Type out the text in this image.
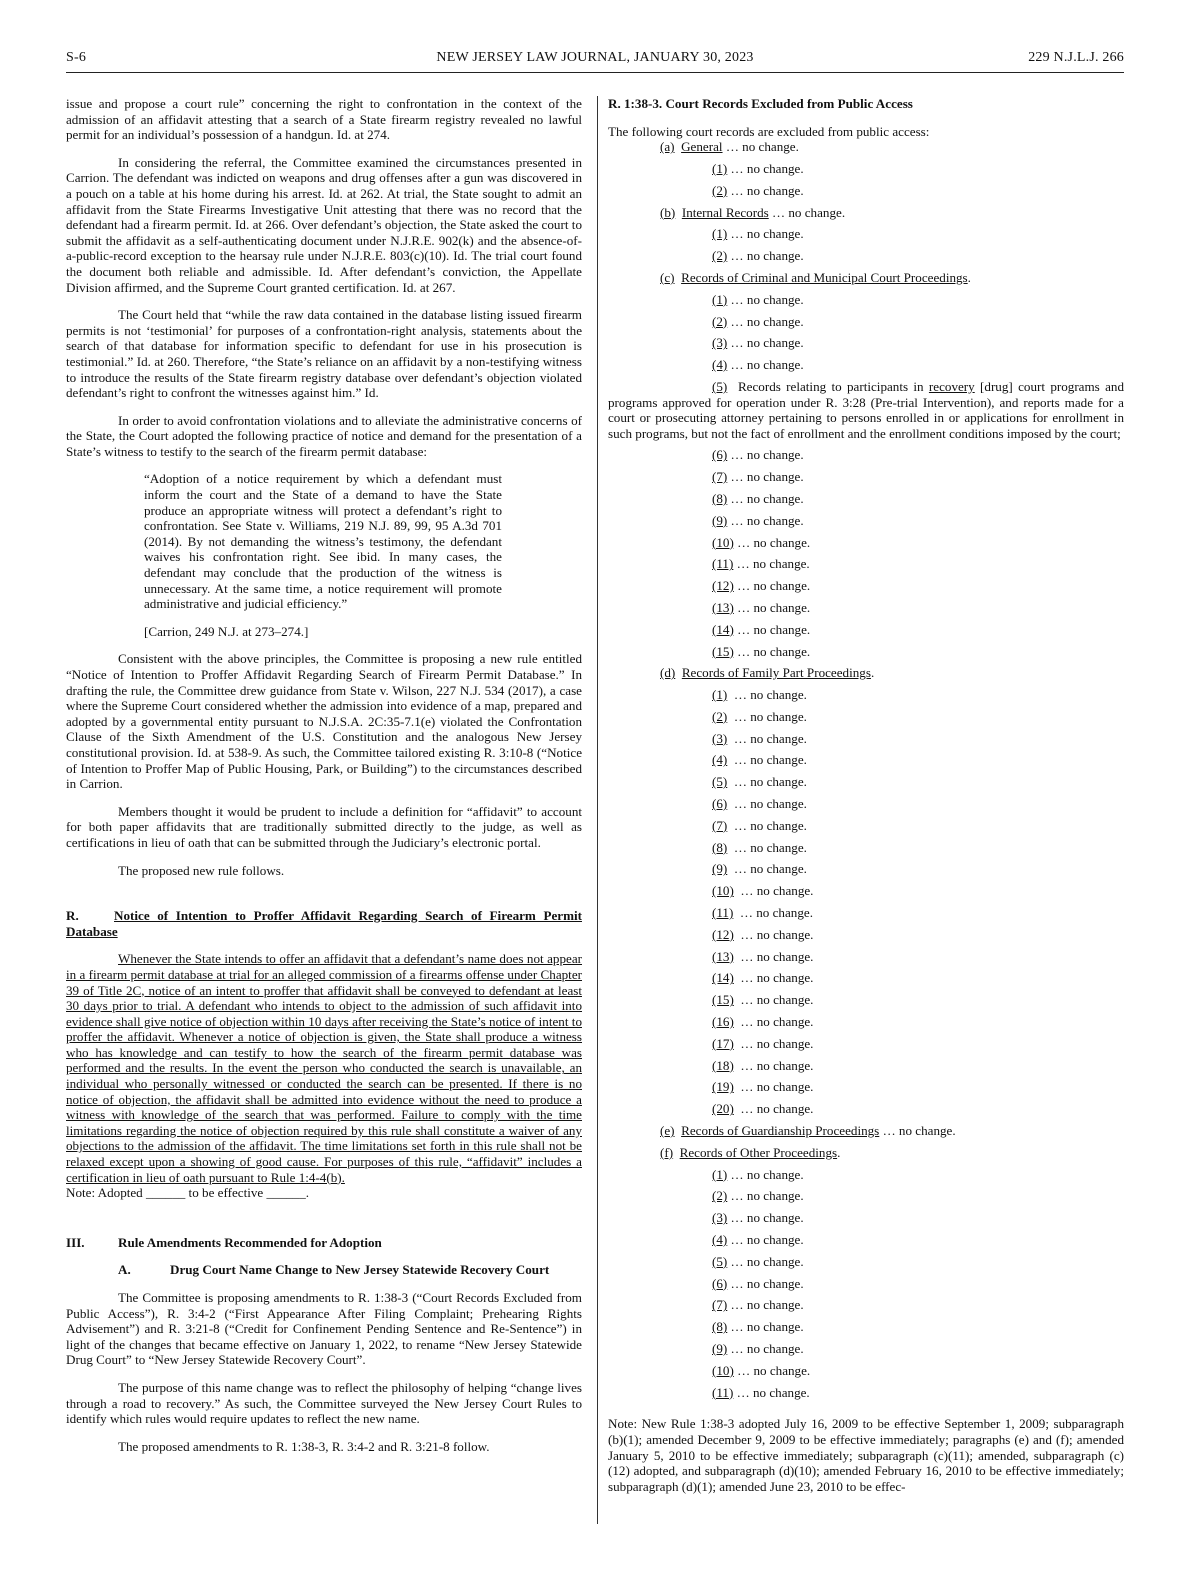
S-6	NEW JERSEY LAW JOURNAL, JANUARY 30, 2023	229 N.J.L.J. 266

issue and propose a court rule” concerning the right to confrontation in the context of the admission of an affidavit attesting that a search of a State firearm registry revealed no lawful permit for an individual’s possession of a handgun. Id. at 274.

In considering the referral, the Committee examined the circumstances presented in Carrion. The defendant was indicted on weapons and drug offenses after a gun was discovered in a pouch on a table at his home during his arrest. Id. at 262. At trial, the State sought to admit an affidavit from the State Firearms Investigative Unit attesting that there was no record that the defendant had a firearm permit. Id. at 266. Over defendant’s objection, the State asked the court to submit the affidavit as a self-authenticating document under N.J.R.E. 902(k) and the absence-of-a-public-record exception to the hearsay rule under N.J.R.E. 803(c)(10). Id. The trial court found the document both reliable and admissible. Id. After defendant’s conviction, the Appellate Division affirmed, and the Supreme Court granted certification. Id. at 267.

The Court held that “while the raw data contained in the database listing issued firearm permits is not ‘testimonial’ for purposes of a confrontation-right analysis, statements about the search of that database for information specific to defendant for use in his prosecution is testimonial.” Id. at 260. Therefore, “the State’s reliance on an affidavit by a non-testifying witness to introduce the results of the State firearm registry database over defendant’s objection violated defendant’s right to confront the witnesses against him.” Id.

In order to avoid confrontation violations and to alleviate the administrative concerns of the State, the Court adopted the following practice of notice and demand for the presentation of a State’s witness to testify to the search of the firearm permit database:

“Adoption of a notice requirement by which a defendant must inform the court and the State of a demand to have the State produce an appropriate witness will protect a defendant’s right to confrontation. See State v. Williams, 219 N.J. 89, 99, 95 A.3d 701 (2014). By not demanding the witness’s testimony, the defendant waives his confrontation right. See ibid. In many cases, the defendant may conclude that the production of the witness is unnecessary. At the same time, a notice requirement will promote administrative and judicial efficiency.”

[Carrion, 249 N.J. at 273–274.]

Consistent with the above principles, the Committee is proposing a new rule entitled “Notice of Intention to Proffer Affidavit Regarding Search of Firearm Permit Database.” In drafting the rule, the Committee drew guidance from State v. Wilson, 227 N.J. 534 (2017), a case where the Supreme Court considered whether the admission into evidence of a map, prepared and adopted by a governmental entity pursuant to N.J.S.A. 2C:35-7.1(e) violated the Confrontation Clause of the Sixth Amendment of the U.S. Constitution and the analogous New Jersey constitutional provision. Id. at 538-9. As such, the Committee tailored existing R. 3:10-8 (“Notice of Intention to Proffer Map of Public Housing, Park, or Building”) to the circumstances described in Carrion.

Members thought it would be prudent to include a definition for “affidavit” to account for both paper affidavits that are traditionally submitted directly to the judge, as well as certifications in lieu of oath that can be submitted through the Judiciary’s electronic portal.

The proposed new rule follows.

R.	Notice of Intention to Proffer Affidavit Regarding Search of Firearm Permit Database

Whenever the State intends to offer an affidavit that a defendant’s name does not appear in a firearm permit database at trial for an alleged commission of a firearms offense under Chapter 39 of Title 2C, notice of an intent to proffer that affidavit shall be conveyed to defendant at least 30 days prior to trial. A defendant who intends to object to the admission of such affidavit into evidence shall give notice of objection within 10 days after receiving the State’s notice of intent to proffer the affidavit. Whenever a notice of objection is given, the State shall produce a witness who has knowledge and can testify to how the search of the firearm permit database was performed and the results. In the event the person who conducted the search is unavailable, an individual who personally witnessed or conducted the search can be presented. If there is no notice of objection, the affidavit shall be admitted into evidence without the need to produce a witness with knowledge of the search that was performed. Failure to comply with the time limitations regarding the notice of objection required by this rule shall constitute a waiver of any objections to the admission of the affidavit. The time limitations set forth in this rule shall not be relaxed except upon a showing of good cause. For purposes of this rule, “affidavit” includes a certification in lieu of oath pursuant to Rule 1:4-4(b).

Note: Adopted ______ to be effective ______.

III.	Rule Amendments Recommended for Adoption

A.	Drug Court Name Change to New Jersey Statewide Recovery Court

The Committee is proposing amendments to R. 1:38-3 (“Court Records Excluded from Public Access”), R. 3:4-2 (“First Appearance After Filing Complaint; Prehearing Rights Advisement”) and R. 3:21-8 (“Credit for Confinement Pending Sentence and Re-Sentence”) in light of the changes that became effective on January 1, 2022, to rename “New Jersey Statewide Drug Court” to “New Jersey Statewide Recovery Court”.

The purpose of this name change was to reflect the philosophy of helping “change lives through a road to recovery.” As such, the Committee surveyed the New Jersey Court Rules to identify which rules would require updates to reflect the new name.

The proposed amendments to R. 1:38-3, R. 3:4-2 and R. 3:21-8 follow.

R. 1:38-3. Court Records Excluded from Public Access

The following court records are excluded from public access:

(a) General … no change.
(1) … no change.
(2) … no change.
(b) Internal Records … no change.
(1) … no change.
(2) … no change.
(c) Records of Criminal and Municipal Court Proceedings.
(1) … no change.
(2) … no change.
(3) … no change.
(4) … no change.

(5) Records relating to participants in recovery [drug] court programs and programs approved for operation under R. 3:28 (Pre-trial Intervention), and reports made for a court or prosecuting attorney pertaining to persons enrolled in or applications for enrollment in such programs, but not the fact of enrollment and the enrollment conditions imposed by the court;

(6) … no change.
(7) … no change.
(8) … no change.
(9) … no change.
(10) … no change.
(11) … no change.
(12) … no change.
(13) … no change.
(14) … no change.
(15) … no change.
(d) Records of Family Part Proceedings.
(1)  … no change.
(2)  … no change.
(3)  … no change.
(4)  … no change.
(5)  … no change.
(6)  … no change.
(7)  … no change.
(8)  … no change.
(9)  … no change.
(10)  … no change.
(11)  … no change.
(12)  … no change.
(13)  … no change.
(14)  … no change.
(15)  … no change.
(16)  … no change.
(17)  … no change.
(18)  … no change.
(19)  … no change.
(20)  … no change.
(e) Records of Guardianship Proceedings … no change.
(f) Records of Other Proceedings.
(1) … no change.
(2) … no change.
(3) … no change.
(4) … no change.
(5) … no change.
(6) … no change.
(7) … no change.
(8) … no change.
(9) … no change.
(10) … no change.
(11) … no change.

Note: New Rule 1:38-3 adopted July 16, 2009 to be effective September 1, 2009; subparagraph (b)(1); amended December 9, 2009 to be effective immediately; paragraphs (e) and (f); amended January 5, 2010 to be effective immediately; subparagraph (c)(11); amended, subparagraph (c)(12) adopted, and subparagraph (d)(10); amended February 16, 2010 to be effective immediately; subparagraph (d)(1); amended June 23, 2010 to be effec-
